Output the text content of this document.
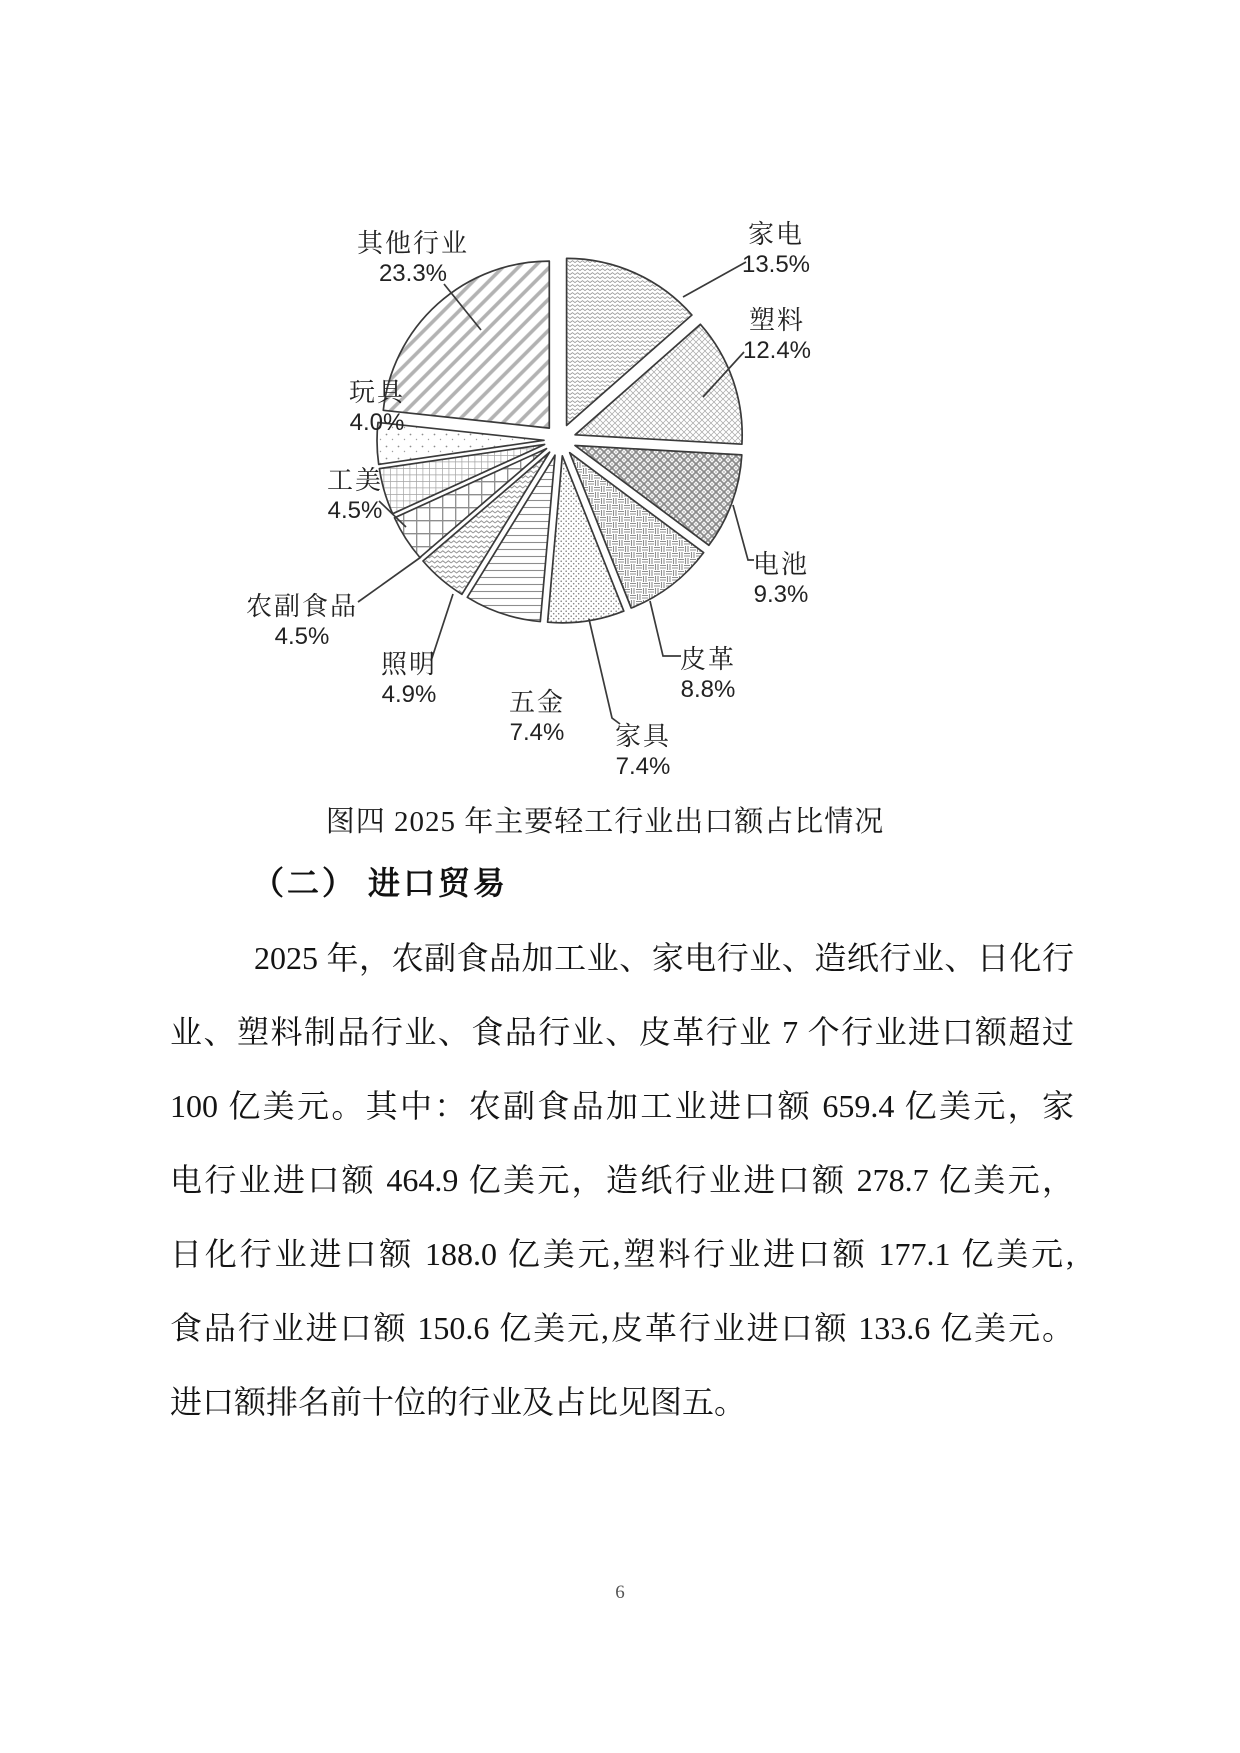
家电
13.5%
塑料
12.4%
电池
9.3%
皮革
8.8%
家具
7.4%
五金
7.4%
照明
4.9%
农副食品
4.5%
工美
4.5%
玩具
4.0%
其他行业
23.3%
图四 2025 年主要轻工行业出口额占比情况
（二） 进口贸易
2025 年，农副食品加工业、家电行业、造纸行业、日化行
业、塑料制品行业、食品行业、皮革行业 7 个行业进口额超过
100 亿美元。其中：农副食品加工业进口额 659.4 亿美元，家
电行业进口额 464.9 亿美元，造纸行业进口额 278.7 亿美元，
日化行业进口额 188.0 亿美元,塑料行业进口额 177.1 亿美元,
食品行业进口额 150.6 亿美元,皮革行业进口额 133.6 亿美元。
进口额排名前十位的行业及占比见图五。
6
